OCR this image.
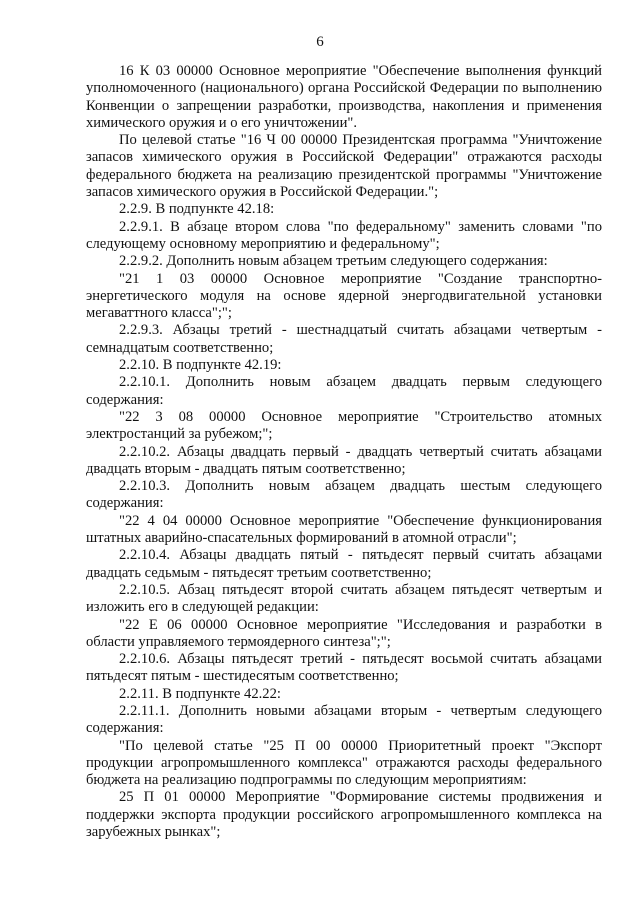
6

16 К 03 00000 Основное мероприятие "Обеспечение выполнения функций уполномоченного (национального) органа Российской Федерации по выполнению Конвенции о запрещении разработки, производства, накопления и применения химического оружия и о его уничтожении".

По целевой статье "16 Ч 00 00000 Президентская программа "Уничтожение запасов химического оружия в Российской Федерации" отражаются расходы федерального бюджета на реализацию президентской программы "Уничтожение запасов химического оружия в Российской Федерации.";

2.2.9. В подпункте 42.18:

2.2.9.1. В абзаце втором слова "по федеральному" заменить словами "по следующему основному мероприятию и федеральному";

2.2.9.2. Дополнить новым абзацем третьим следующего содержания:

"21 1 03 00000 Основное мероприятие "Создание транспортно-энергетического модуля на основе ядерной энергодвигательной установки мегаваттного класса";";

2.2.9.3. Абзацы третий - шестнадцатый считать абзацами четвертым - семнадцатым соответственно;

2.2.10. В подпункте 42.19:

2.2.10.1. Дополнить новым абзацем двадцать первым следующего содержания:

"22 3 08 00000 Основное мероприятие "Строительство атомных электростанций за рубежом;";

2.2.10.2. Абзацы двадцать первый - двадцать четвертый считать абзацами двадцать вторым - двадцать пятым соответственно;

2.2.10.3. Дополнить новым абзацем двадцать шестым следующего содержания:

"22 4 04 00000 Основное мероприятие "Обеспечение функционирования штатных аварийно-спасательных формирований в атомной отрасли";

2.2.10.4. Абзацы двадцать пятый - пятьдесят первый считать абзацами двадцать седьмым - пятьдесят третьим соответственно;

2.2.10.5. Абзац пятьдесят второй считать абзацем пятьдесят четвертым и изложить его в следующей редакции:

"22 Е 06 00000 Основное мероприятие "Исследования и разработки в области управляемого термоядерного синтеза";";

2.2.10.6. Абзацы пятьдесят третий - пятьдесят восьмой считать абзацами пятьдесят пятым - шестидесятым соответственно;

2.2.11. В подпункте 42.22:

2.2.11.1. Дополнить новыми абзацами вторым - четвертым следующего содержания:

"По целевой статье "25 П 00 00000 Приоритетный проект "Экспорт продукции агропромышленного комплекса" отражаются расходы федерального бюджета на реализацию подпрограммы по следующим мероприятиям:

25 П 01 00000 Мероприятие "Формирование системы продвижения и поддержки экспорта продукции российского агропромышленного комплекса на зарубежных рынках";
